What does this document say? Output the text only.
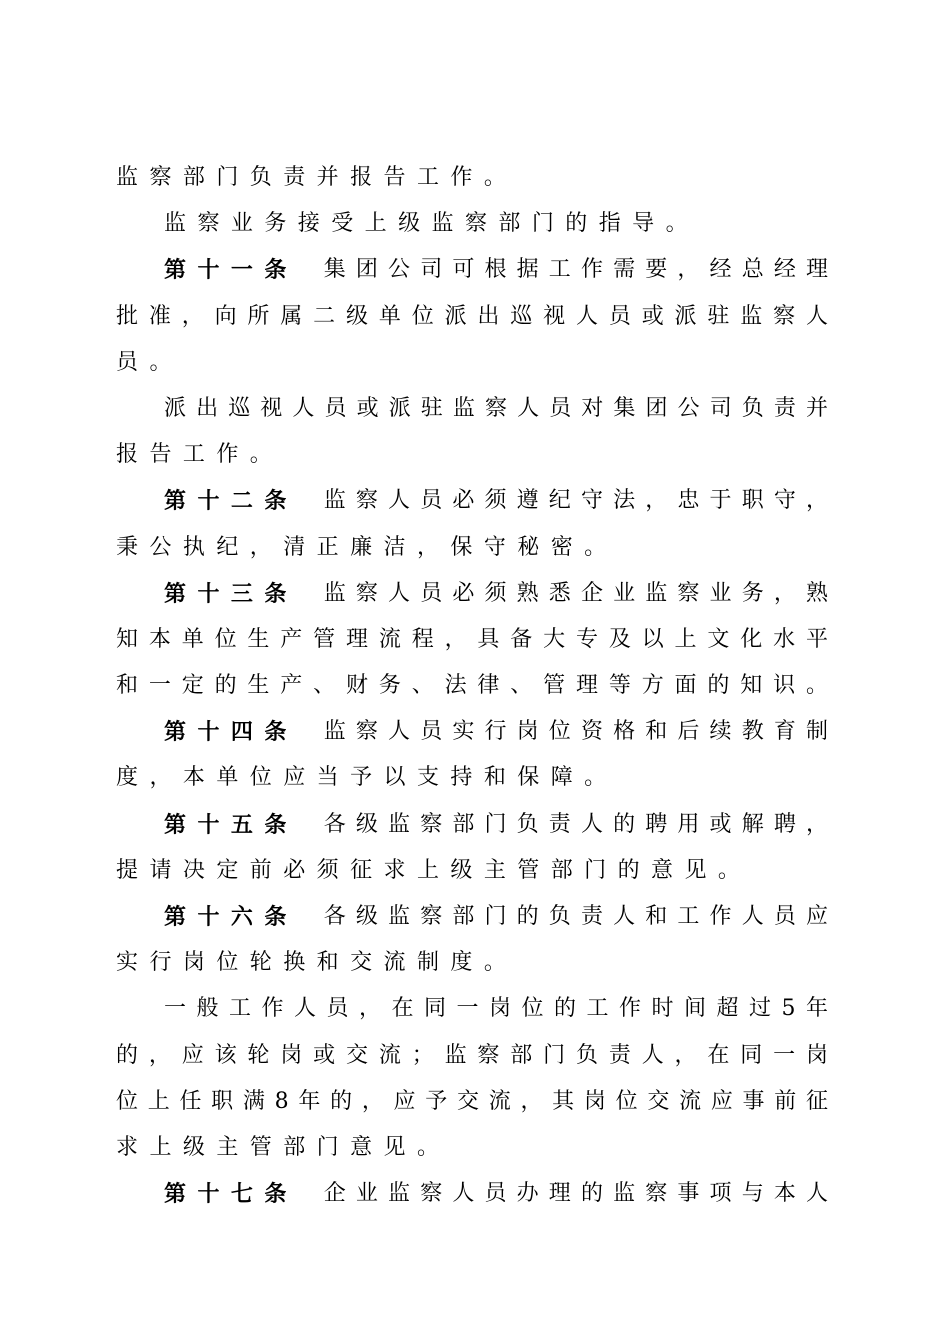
监察部门负责并报告工作。
监察业务接受上级监察部门的指导。
第十一条 集团公司可根据工作需要，经总经理
批准，向所属二级单位派出巡视人员或派驻监察人
员。
派出巡视人员或派驻监察人员对集团公司负责并
报告工作。
第十二条 监察人员必须遵纪守法，忠于职守，
秉公执纪，清正廉洁，保守秘密。
第十三条 监察人员必须熟悉企业监察业务，熟
知本单位生产管理流程，具备大专及以上文化水平
和一定的生产、财务、法律、管理等方面的知识。
第十四条 监察人员实行岗位资格和后续教育制
度，本单位应当予以支持和保障。
第十五条 各级监察部门负责人的聘用或解聘，
提请决定前必须征求上级主管部门的意见。
第十六条 各级监察部门的负责人和工作人员应
实行岗位轮换和交流制度。
一般工作人员，在同一岗位的工作时间超过5年
的，应该轮岗或交流；监察部门负责人，在同一岗
位上任职满8年的，应予交流，其岗位交流应事前征
求上级主管部门意见。
第十七条 企业监察人员办理的监察事项与本人
